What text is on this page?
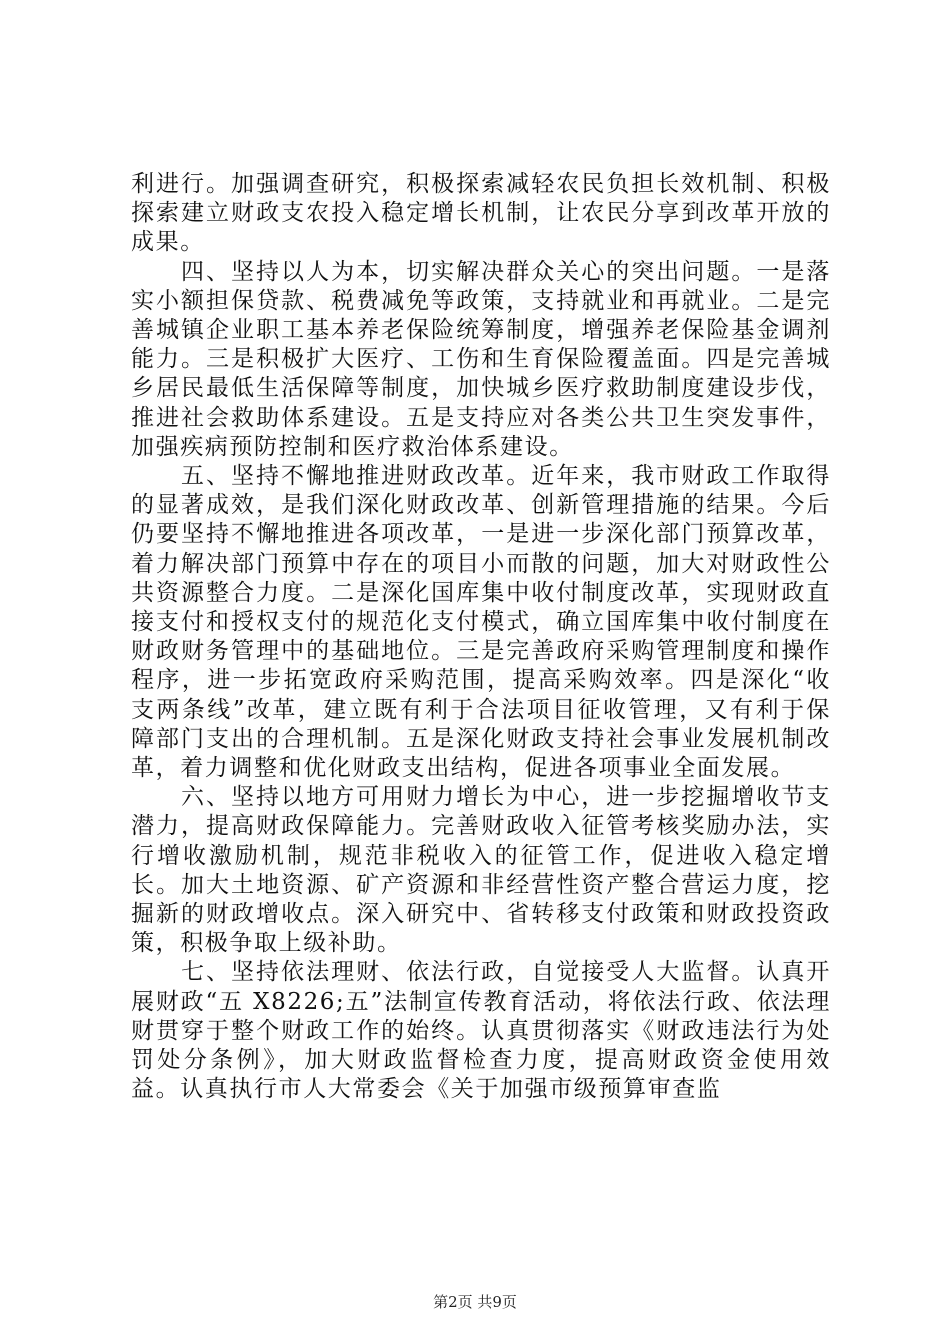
利进行。加强调查研究，积极探索减轻农民负担长效机制、积极探索建立财政支农投入稳定增长机制，让农民分享到改革开放的成果。

四、坚持以人为本，切实解决群众关心的突出问题。一是落实小额担保贷款、税费减免等政策，支持就业和再就业。二是完善城镇企业职工基本养老保险统筹制度，增强养老保险基金调剂能力。三是积极扩大医疗、工伤和生育保险覆盖面。四是完善城乡居民最低生活保障等制度，加快城乡医疗救助制度建设步伐，推进社会救助体系建设。五是支持应对各类公共卫生突发事件，加强疾病预防控制和医疗救治体系建设。

五、坚持不懈地推进财政改革。近年来，我市财政工作取得的显著成效，是我们深化财政改革、创新管理措施的结果。今后仍要坚持不懈地推进各项改革，一是进一步深化部门预算改革，着力解决部门预算中存在的项目小而散的问题，加大对财政性公共资源整合力度。二是深化国库集中收付制度改革，实现财政直接支付和授权支付的规范化支付模式，确立国库集中收付制度在财政财务管理中的基础地位。三是完善政府采购管理制度和操作程序，进一步拓宽政府采购范围，提高采购效率。四是深化“收支两条线”改革，建立既有利于合法项目征收管理，又有利于保障部门支出的合理机制。五是深化财政支持社会事业发展机制改革，着力调整和优化财政支出结构，促进各项事业全面发展。

六、坚持以地方可用财力增长为中心，进一步挖掘增收节支潜力，提高财政保障能力。完善财政收入征管考核奖励办法，实行增收激励机制，规范非税收入的征管工作，促进收入稳定增长。加大土地资源、矿产资源和非经营性资产整合营运力度，挖掘新的财政增收点。深入研究中、省转移支付政策和财政投资政策，积极争取上级补助。

七、坚持依法理财、依法行政，自觉接受人大监督。认真开展财政“五 X8226;五”法制宣传教育活动，将依法行政、依法理财贯穿于整个财政工作的始终。认真贯彻落实《财政违法行为处罚处分条例》，加大财政监督检查力度，提高财政资金使用效益。认真执行市人大常委会《关于加强市级预算审查监

第2页 共9页
